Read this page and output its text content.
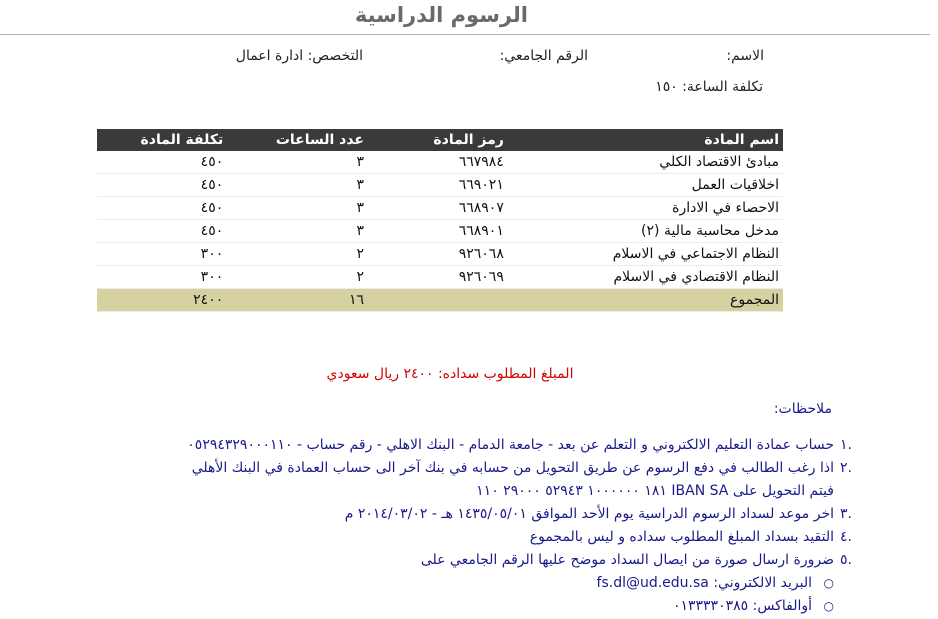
الرسوم الدراسية
الاسم:
الرقم الجامعي:
التخصص: ادارة اعمال
تكلفة الساعة: ١٥٠
اسم المادة	رمز المادة	عدد الساعات	تكلفة المادة
مبادئ الاقتصاد الكلي	٦٦٧٩٨٤	٣	٤٥٠
اخلاقيات العمل	٦٦٩٠٢١	٣	٤٥٠
الاحصاء في الادارة	٦٦٨٩٠٧	٣	٤٥٠
مدخل محاسبة مالية (٢)	٦٦٨٩٠١	٣	٤٥٠
النظام الاجتماعي في الاسلام	٩٢٦٠٦٨	٢	٣٠٠
النظام الاقتصادي في الاسلام	٩٢٦٠٦٩	٢	٣٠٠
المجموع		١٦	٢٤٠٠
المبلغ المطلوب سداده: ٢٤٠٠ ريال سعودي
ملاحظات:
.١
حساب عمادة التعليم الالكتروني و التعلم عن بعد - جامعة الدمام - البنك الاهلي - رقم حساب - ٠٥٢٩٤٣٢٩٠٠٠١١٠
.٢
اذا رغب الطالب في دفع الرسوم عن طريق التحويل من حسابه في بنك آخر الى حساب العمادة في البنك الأهلي
فيتم التحويل على IBAN SA ١٨١ ١٠٠٠٠٠٠ ٥٢٩٤٣ ٢٩٠٠٠ ١١٠
.٣
اخر موعد لسداد الرسوم الدراسية يوم الأحد الموافق ١٤٣٥/٠٥/٠١ هـ - ٢٠١٤/٠٣/٠٢ م
.٤
التقيد بسداد المبلغ المطلوب سداده و ليس بالمجموع
.٥
ضرورة ارسال صورة من ايصال السداد موضح عليها الرقم الجامعي على
○
البريد الالكتروني: fs.dl@ud.edu.sa
○
أوالفاكس: ٠١٣٣٣٣٠٣٨٥
